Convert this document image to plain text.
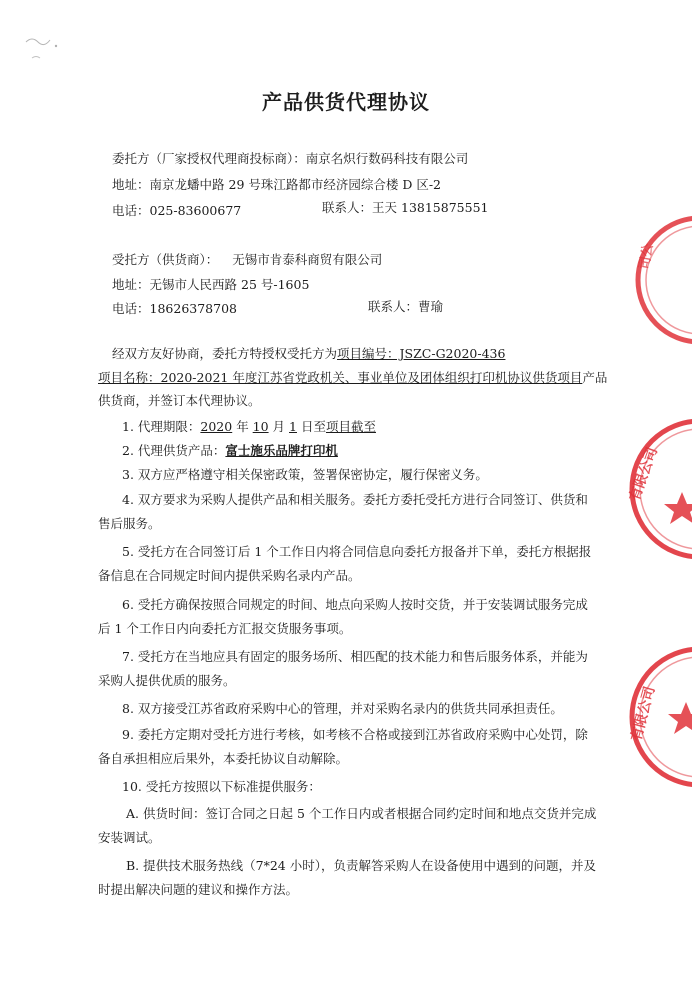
产品供货代理协议
委托方（厂家授权代理商投标商）：南京名炽行数码科技有限公司
地址：南京龙蟠中路 29 号珠江路都市经济园综合楼 D 区-2
电话：025-83600677	联系人：王天 13815875551
受托方（供货商）： 无锡市肯泰科商贸有限公司
地址：无锡市人民西路 25 号-1605
电话：18626378708	联系人：曹瑜
经双方友好协商，委托方特授权受托方为项目编号：JSZC-G2020-436
项目名称：2020-2021 年度江苏省党政机关、事业单位及团体组织打印机协议供货项目产品
供货商，并签订本代理协议。
1. 代理期限：2020 年 10 月 1 日至项目截至
2. 代理供货产品：富士施乐品牌打印机
3. 双方应严格遵守相关保密政策，签署保密协定，履行保密义务。
4. 双方要求为采购人提供产品和相关服务。委托方委托受托方进行合同签订、供货和
售后服务。
5. 受托方在合同签订后 1 个工作日内将合同信息向委托方报备并下单，委托方根据报
备信息在合同规定时间内提供采购名录内产品。
6. 受托方确保按照合同规定的时间、地点向采购人按时交货，并于安装调试服务完成
后 1 个工作日内向委托方汇报交货服务事项。
7. 受托方在当地应具有固定的服务场所、相匹配的技术能力和售后服务体系，并能为
采购人提供优质的服务。
8. 双方接受江苏省政府采购中心的管理，并对采购名录内的供货共同承担责任。
9. 委托方定期对受托方进行考核，如考核不合格或接到江苏省政府采购中心处罚，除
备自承担相应后果外，本委托协议自动解除。
10. 受托方按照以下标准提供服务：
A. 供货时间：签订合同之日起 5 个工作日内或者根据合同约定时间和地点交货并完成
安装调试。
B. 提供技术服务热线（7*24 小时），负责解答采购人在设备使用中遇到的问题，并及
时提出解决问题的建议和操作方法。
司公
有限公司
有限公司
